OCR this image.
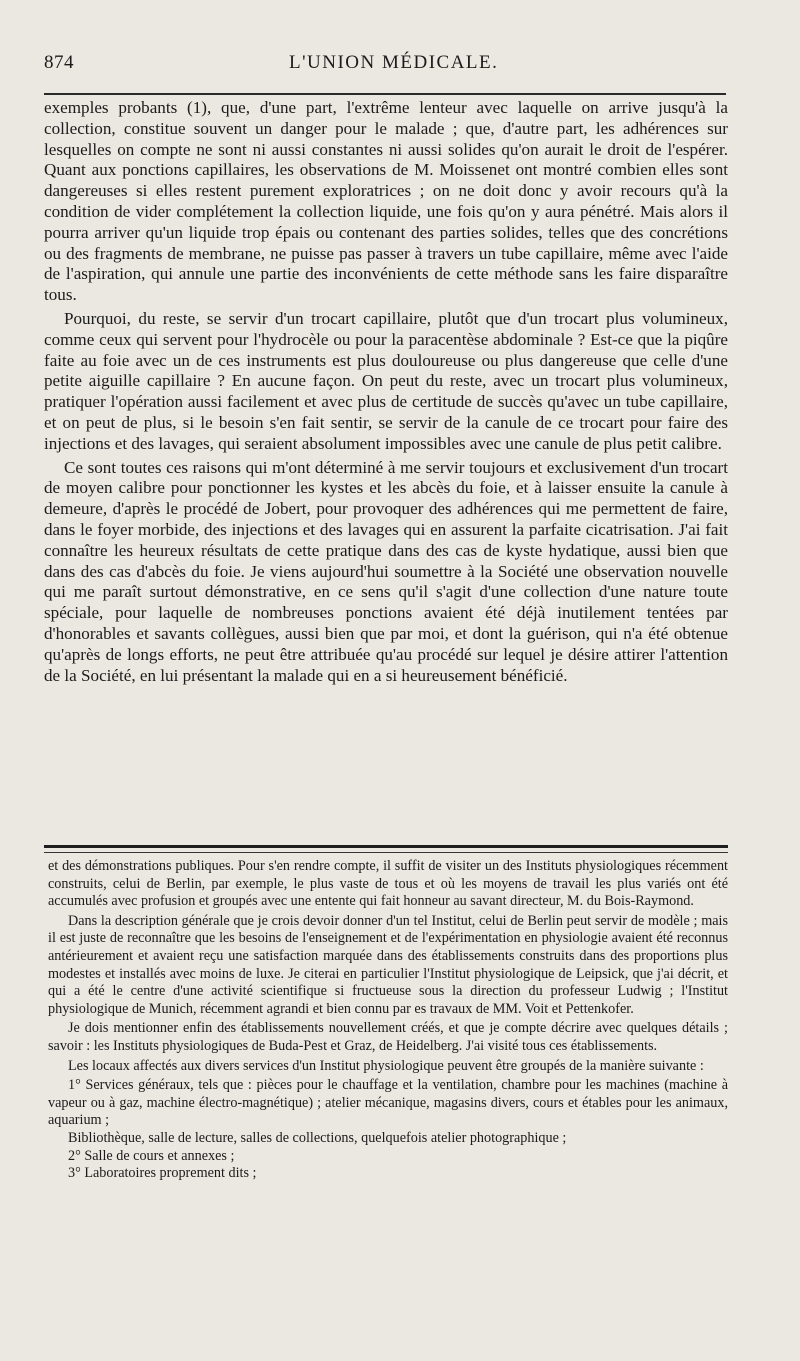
874	L'UNION MÉDICALE.

exemples probants (1), que, d'une part, l'extrême lenteur avec laquelle on arrive jusqu'à la collection, constitue souvent un danger pour le malade ; que, d'autre part, les adhérences sur lesquelles on compte ne sont ni aussi constantes ni aussi solides qu'on aurait le droit de l'espérer. Quant aux ponctions capillaires, les observations de M. Moissenet ont montré combien elles sont dangereuses si elles restent purement exploratrices ; on ne doit donc y avoir recours qu'à la condition de vider complétement la collection liquide, une fois qu'on y aura pénétré. Mais alors il pourra arriver qu'un liquide trop épais ou contenant des parties solides, telles que des concrétions ou des fragments de membrane, ne puisse pas passer à travers un tube capillaire, même avec l'aide de l'aspiration, qui annule une partie des inconvénients de cette méthode sans les faire disparaître tous.

Pourquoi, du reste, se servir d'un trocart capillaire, plutôt que d'un trocart plus volumineux, comme ceux qui servent pour l'hydrocèle ou pour la paracentèse abdominale ? Est-ce que la piqûre faite au foie avec un de ces instruments est plus douloureuse ou plus dangereuse que celle d'une petite aiguille capillaire ? En aucune façon. On peut du reste, avec un trocart plus volumineux, pratiquer l'opération aussi facilement et avec plus de certitude de succès qu'avec un tube capillaire, et on peut de plus, si le besoin s'en fait sentir, se servir de la canule de ce trocart pour faire des injections et des lavages, qui seraient absolument impossibles avec une canule de plus petit calibre.

Ce sont toutes ces raisons qui m'ont déterminé à me servir toujours et exclusivement d'un trocart de moyen calibre pour ponctionner les kystes et les abcès du foie, et à laisser ensuite la canule à demeure, d'après le procédé de Jobert, pour provoquer des adhérences qui me permettent de faire, dans le foyer morbide, des injections et des lavages qui en assurent la parfaite cicatrisation. J'ai fait connaître les heureux résultats de cette pratique dans des cas de kyste hydatique, aussi bien que dans des cas d'abcès du foie. Je viens aujourd'hui soumettre à la Société une observation nouvelle qui me paraît surtout démonstrative, en ce sens qu'il s'agit d'une collection d'une nature toute spéciale, pour laquelle de nombreuses ponctions avaient été déjà inutilement tentées par d'honorables et savants collègues, aussi bien que par moi, et dont la guérison, qui n'a été obtenue qu'après de longs efforts, ne peut être attribuée qu'au procédé sur lequel je désire attirer l'attention de la Société, en lui présentant la malade qui en a si heureusement bénéficié.

et des démonstrations publiques. Pour s'en rendre compte, il suffit de visiter un des Instituts physiologiques récemment construits, celui de Berlin, par exemple, le plus vaste de tous et où les moyens de travail les plus variés ont été accumulés avec profusion et groupés avec une entente qui fait honneur au savant directeur, M. du Bois-Raymond.

Dans la description générale que je crois devoir donner d'un tel Institut, celui de Berlin peut servir de modèle ; mais il est juste de reconnaître que les besoins de l'enseignement et de l'expérimentation en physiologie avaient été reconnus antérieurement et avaient reçu une satisfaction marquée dans des établissements construits dans des proportions plus modestes et installés avec moins de luxe. Je citerai en particulier l'Institut physiologique de Leipsick, que j'ai décrit, et qui a été le centre d'une activité scientifique si fructueuse sous la direction du professeur Ludwig ; l'Institut physiologique de Munich, récemment agrandi et bien connu par es travaux de MM. Voit et Pettenkofer.

Je dois mentionner enfin des établissements nouvellement créés, et que je compte décrire avec quelques détails ; savoir : les Instituts physiologiques de Buda-Pest et Graz, de Heidelberg. J'ai visité tous ces établissements.

Les locaux affectés aux divers services d'un Institut physiologique peuvent être groupés de la manière suivante :

1° Services généraux, tels que : pièces pour le chauffage et la ventilation, chambre pour les machines (machine à vapeur ou à gaz, machine électro-magnétique) ; atelier mécanique, magasins divers, cours et étables pour les animaux, aquarium ;

Bibliothèque, salle de lecture, salles de collections, quelquefois atelier photographique ;

2° Salle de cours et annexes ;

3° Laboratoires proprement dits ;
